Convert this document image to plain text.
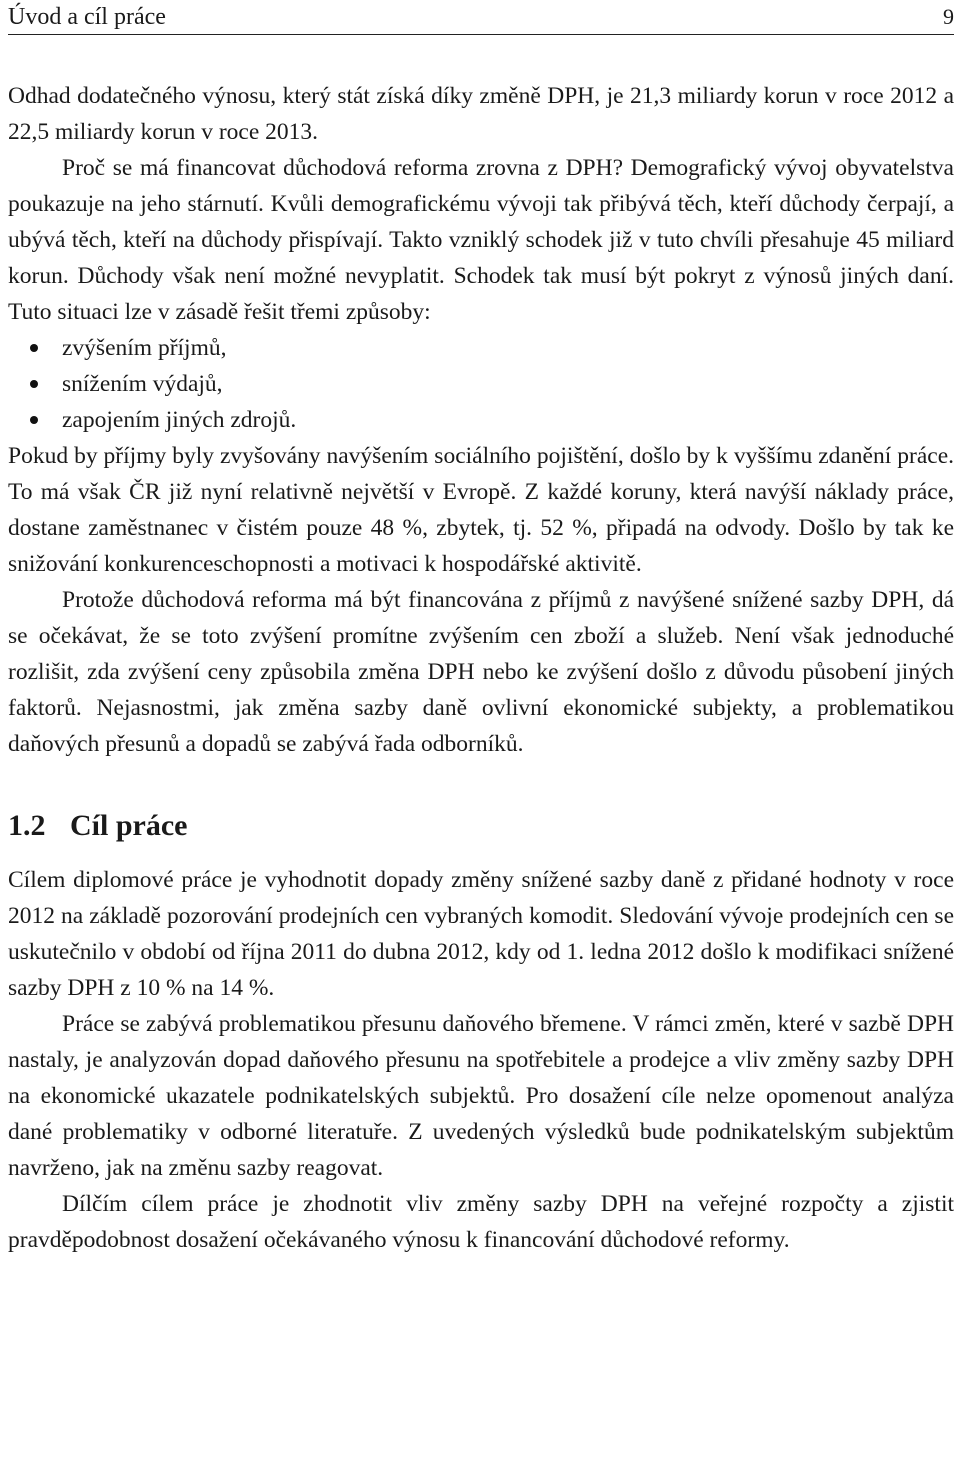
Úvod a cíl práce	9

Odhad dodatečného výnosu, který stát získá díky změně DPH, je 21,3 miliardy korun v roce 2012 a 22,5 miliardy korun v roce 2013.

Proč se má financovat důchodová reforma zrovna z DPH? Demografický vývoj obyvatelstva poukazuje na jeho stárnutí. Kvůli demografickému vývoji tak přibývá těch, kteří důchody čerpají, a ubývá těch, kteří na důchody přispívají. Takto vzniklý schodek již v tuto chvíli přesahuje 45 miliard korun. Důchody však není možné nevyplatit. Schodek tak musí být pokryt z výnosů jiných daní. Tuto situaci lze v zásadě řešit třemi způsoby:

zvýšením příjmů,
snížením výdajů,
zapojením jiných zdrojů.

Pokud by příjmy byly zvyšovány navýšením sociálního pojištění, došlo by k vyššímu zdanění práce. To má však ČR již nyní relativně největší v Evropě. Z každé koruny, která navýší náklady práce, dostane zaměstnanec v čistém pouze 48 %, zbytek, tj. 52 %, připadá na odvody. Došlo by tak ke snižování konkurenceschopnosti a motivaci k hospodářské aktivitě.

Protože důchodová reforma má být financována z příjmů z navýšené snížené sazby DPH, dá se očekávat, že se toto zvýšení promítne zvýšením cen zboží a služeb. Není však jednoduché rozlišit, zda zvýšení ceny způsobila změna DPH nebo ke zvýšení došlo z důvodu působení jiných faktorů. Nejasnostmi, jak změna sazby daně ovlivní ekonomické subjekty, a problematikou daňových přesunů a dopadů se zabývá řada odborníků.

1.2 Cíl práce

Cílem diplomové práce je vyhodnotit dopady změny snížené sazby daně z přidané hodnoty v roce 2012 na základě pozorování prodejních cen vybraných komodit. Sledování vývoje prodejních cen se uskutečnilo v období od října 2011 do dubna 2012, kdy od 1. ledna 2012 došlo k modifikaci snížené sazby DPH z 10 % na 14 %.

Práce se zabývá problematikou přesunu daňového břemene. V rámci změn, které v sazbě DPH nastaly, je analyzován dopad daňového přesunu na spotřebitele a prodejce a vliv změny sazby DPH na ekonomické ukazatele podnikatelských subjektů. Pro dosažení cíle nelze opomenout analýza dané problematiky v odborné literatuře. Z uvedených výsledků bude podnikatelským subjektům navrženo, jak na změnu sazby reagovat.

Dílčím cílem práce je zhodnotit vliv změny sazby DPH na veřejné rozpočty a zjistit pravděpodobnost dosažení očekávaného výnosu k financování důchodové reformy.
